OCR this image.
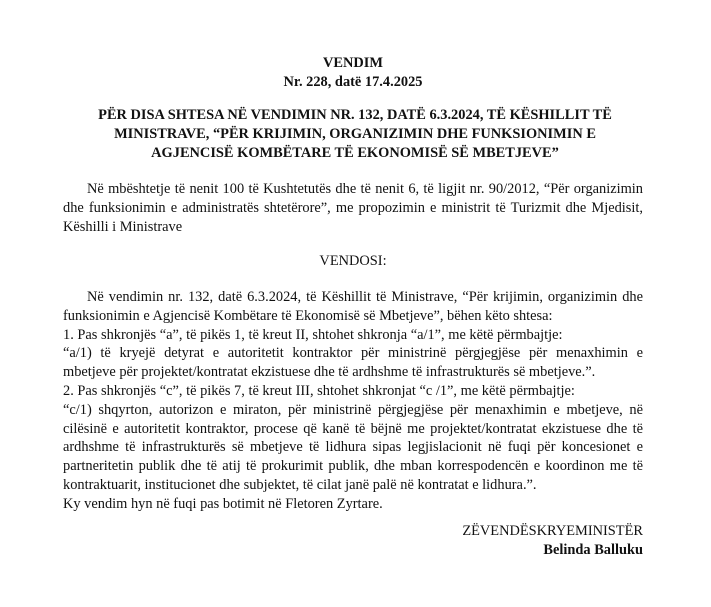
VENDIM
Nr. 228, datë 17.4.2025
PËR DISA SHTESA NË VENDIMIN NR. 132, DATË 6.3.2024, TË KËSHILLIT TË
MINISTRAVE, “PËR KRIJIMIN, ORGANIZIMIN DHE FUNKSIONIMIN E
AGJENCISË KOMBËTARE TË EKONOMISË SË MBETJEVE”
Në mbështetje të nenit 100 të Kushtetutës dhe të nenit 6, të ligjit nr. 90/2012, “Për organizimin
dhe funksionimin e administratës shtetërore”, me propozimin e ministrit të Turizmit dhe Mjedisit,
Këshilli i Ministrave
VENDOSI:
Në vendimin nr. 132, datë 6.3.2024, të Këshillit të Ministrave, “Për krijimin, organizimin dhe
funksionimin e Agjencisë Kombëtare të Ekonomisë së Mbetjeve”, bëhen këto shtesa:
1. Pas shkronjës “a”, të pikës 1, të kreut II, shtohet shkronja “a/1”, me këtë përmbajtje:
“a/1) të kryejë detyrat e autoritetit kontraktor për ministrinë përgjegjëse për menaxhimin e
mbetjeve për projektet/kontratat ekzistuese dhe të ardhshme të infrastrukturës së mbetjeve.”.
2. Pas shkronjës “c”, të pikës 7, të kreut III, shtohet shkronjat “c /1”, me këtë përmbajtje:
“c/1) shqyrton, autorizon e miraton, për ministrinë përgjegjëse për menaxhimin e mbetjeve, në
cilësinë e autoritetit kontraktor, procese që kanë të bëjnë me projektet/kontratat ekzistuese dhe të
ardhshme të infrastrukturës së mbetjeve të lidhura sipas legjislacionit në fuqi për koncesionet e
partneritetin publik dhe të atij të prokurimit publik, dhe mban korrespodencën e koordinon me të
kontraktuarit, institucionet dhe subjektet, të cilat janë palë në kontratat e lidhura.”.
Ky vendim hyn në fuqi pas botimit në Fletoren Zyrtare.
ZËVENDËSKRYEMINISTËR
Belinda Balluku
